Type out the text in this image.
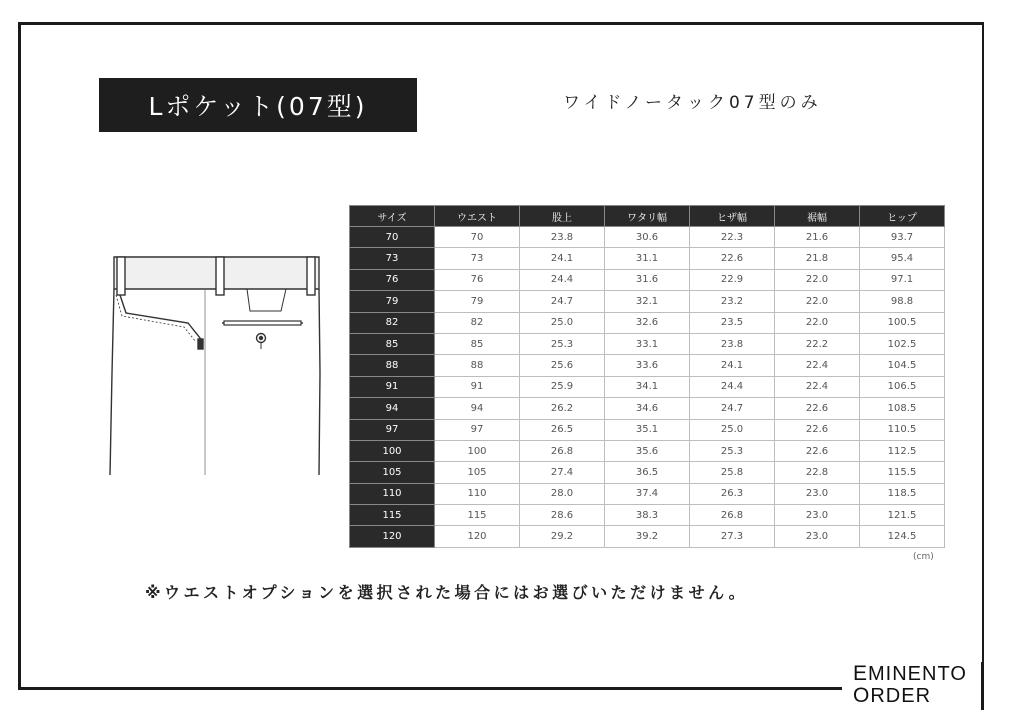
Lポケット(07型)	ワイドノータック07型のみ
サイズ	ウエスト	股上	ワタリ幅	ヒザ幅	裾幅	ヒップ
70	70	23.8	30.6	22.3	21.6	93.7
73	73	24.1	31.1	22.6	21.8	95.4
76	76	24.4	31.6	22.9	22.0	97.1
79	79	24.7	32.1	23.2	22.0	98.8
82	82	25.0	32.6	23.5	22.0	100.5
85	85	25.3	33.1	23.8	22.2	102.5
88	88	25.6	33.6	24.1	22.4	104.5
91	91	25.9	34.1	24.4	22.4	106.5
94	94	26.2	34.6	24.7	22.6	108.5
97	97	26.5	35.1	25.0	22.6	110.5
100	100	26.8	35.6	25.3	22.6	112.5
105	105	27.4	36.5	25.8	22.8	115.5
110	110	28.0	37.4	26.3	23.0	118.5
115	115	28.6	38.3	26.8	23.0	121.5
120	120	29.2	39.2	27.3	23.0	124.5
(cm)
※ウエストオプションを選択された場合にはお選びいただけません。
EMINENTO
ORDER
